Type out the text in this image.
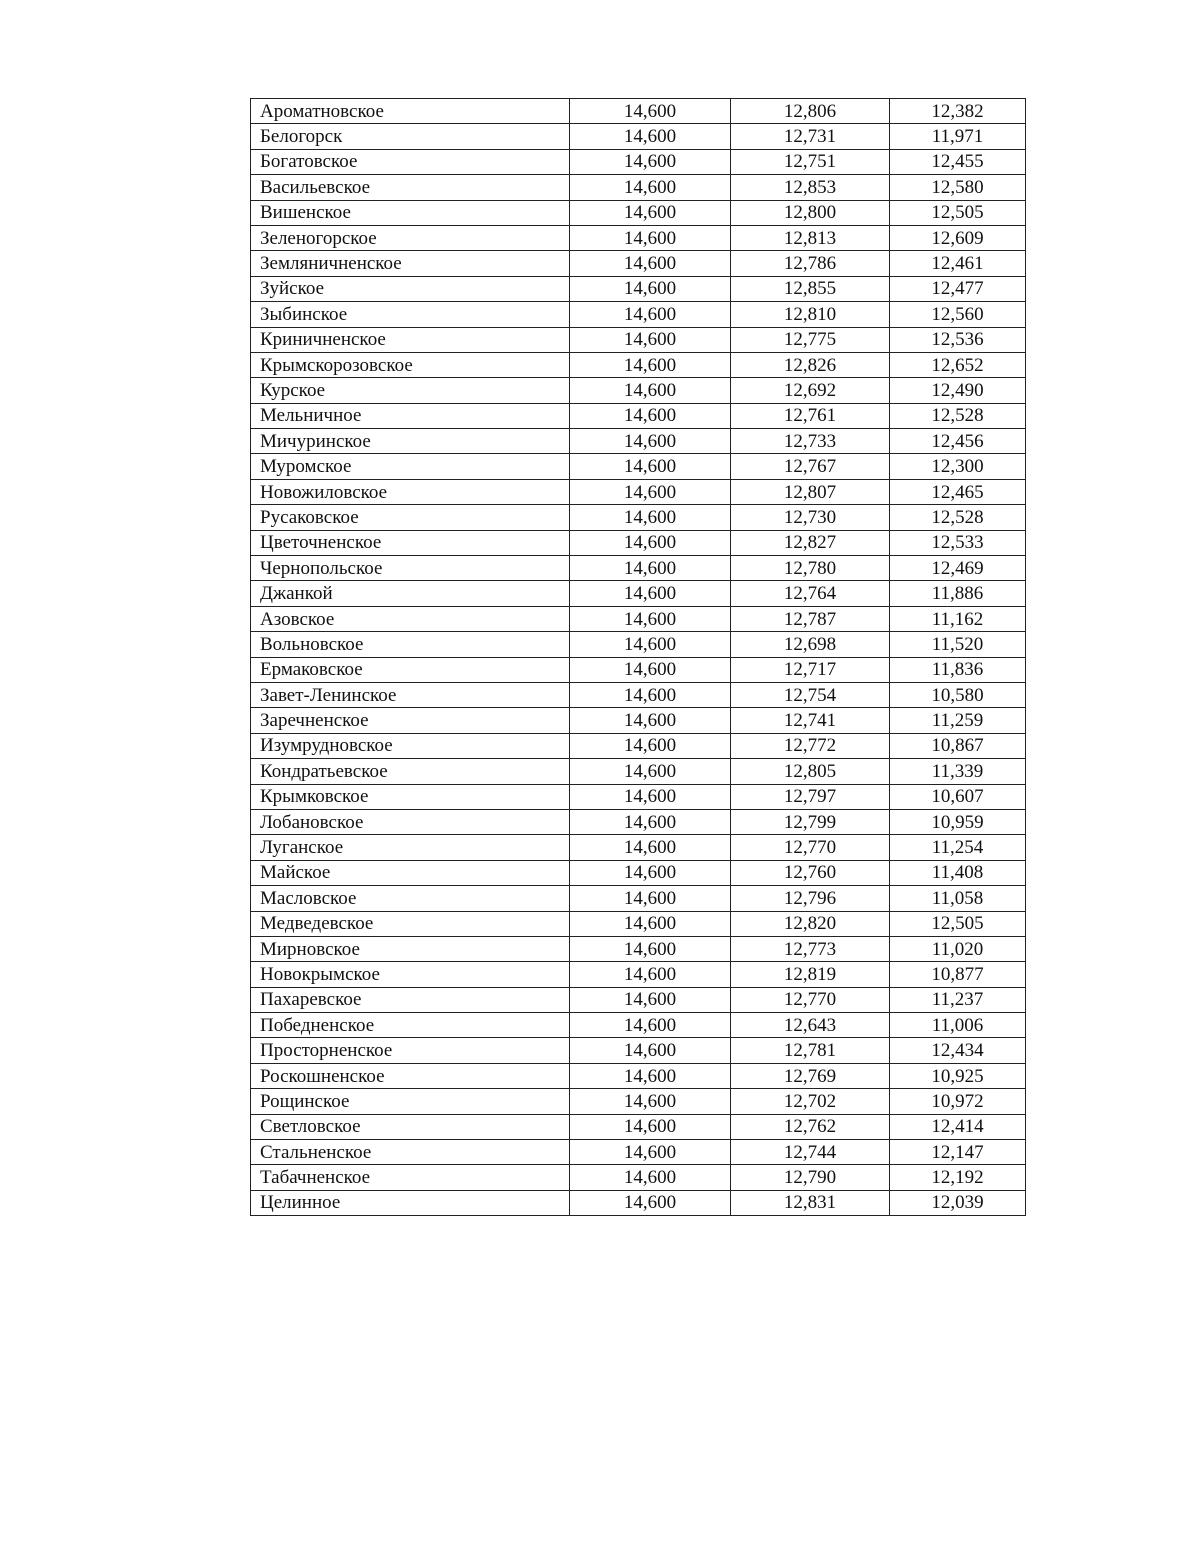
Ароматновское	14,600	12,806	12,382
Белогорск	14,600	12,731	11,971
Богатовское	14,600	12,751	12,455
Васильевское	14,600	12,853	12,580
Вишенское	14,600	12,800	12,505
Зеленогорское	14,600	12,813	12,609
Земляничненское	14,600	12,786	12,461
Зуйское	14,600	12,855	12,477
Зыбинское	14,600	12,810	12,560
Криничненское	14,600	12,775	12,536
Крымскорозовское	14,600	12,826	12,652
Курское	14,600	12,692	12,490
Мельничное	14,600	12,761	12,528
Мичуринское	14,600	12,733	12,456
Муромское	14,600	12,767	12,300
Новожиловское	14,600	12,807	12,465
Русаковское	14,600	12,730	12,528
Цветочненское	14,600	12,827	12,533
Чернопольское	14,600	12,780	12,469
Джанкой	14,600	12,764	11,886
Азовское	14,600	12,787	11,162
Вольновское	14,600	12,698	11,520
Ермаковское	14,600	12,717	11,836
Завет-Ленинское	14,600	12,754	10,580
Заречненское	14,600	12,741	11,259
Изумрудновское	14,600	12,772	10,867
Кондратьевское	14,600	12,805	11,339
Крымковское	14,600	12,797	10,607
Лобановское	14,600	12,799	10,959
Луганское	14,600	12,770	11,254
Майское	14,600	12,760	11,408
Масловское	14,600	12,796	11,058
Медведевское	14,600	12,820	12,505
Мирновское	14,600	12,773	11,020
Новокрымское	14,600	12,819	10,877
Пахаревское	14,600	12,770	11,237
Победненское	14,600	12,643	11,006
Просторненское	14,600	12,781	12,434
Роскошненское	14,600	12,769	10,925
Рощинское	14,600	12,702	10,972
Светловское	14,600	12,762	12,414
Стальненское	14,600	12,744	12,147
Табачненское	14,600	12,790	12,192
Целинное	14,600	12,831	12,039
